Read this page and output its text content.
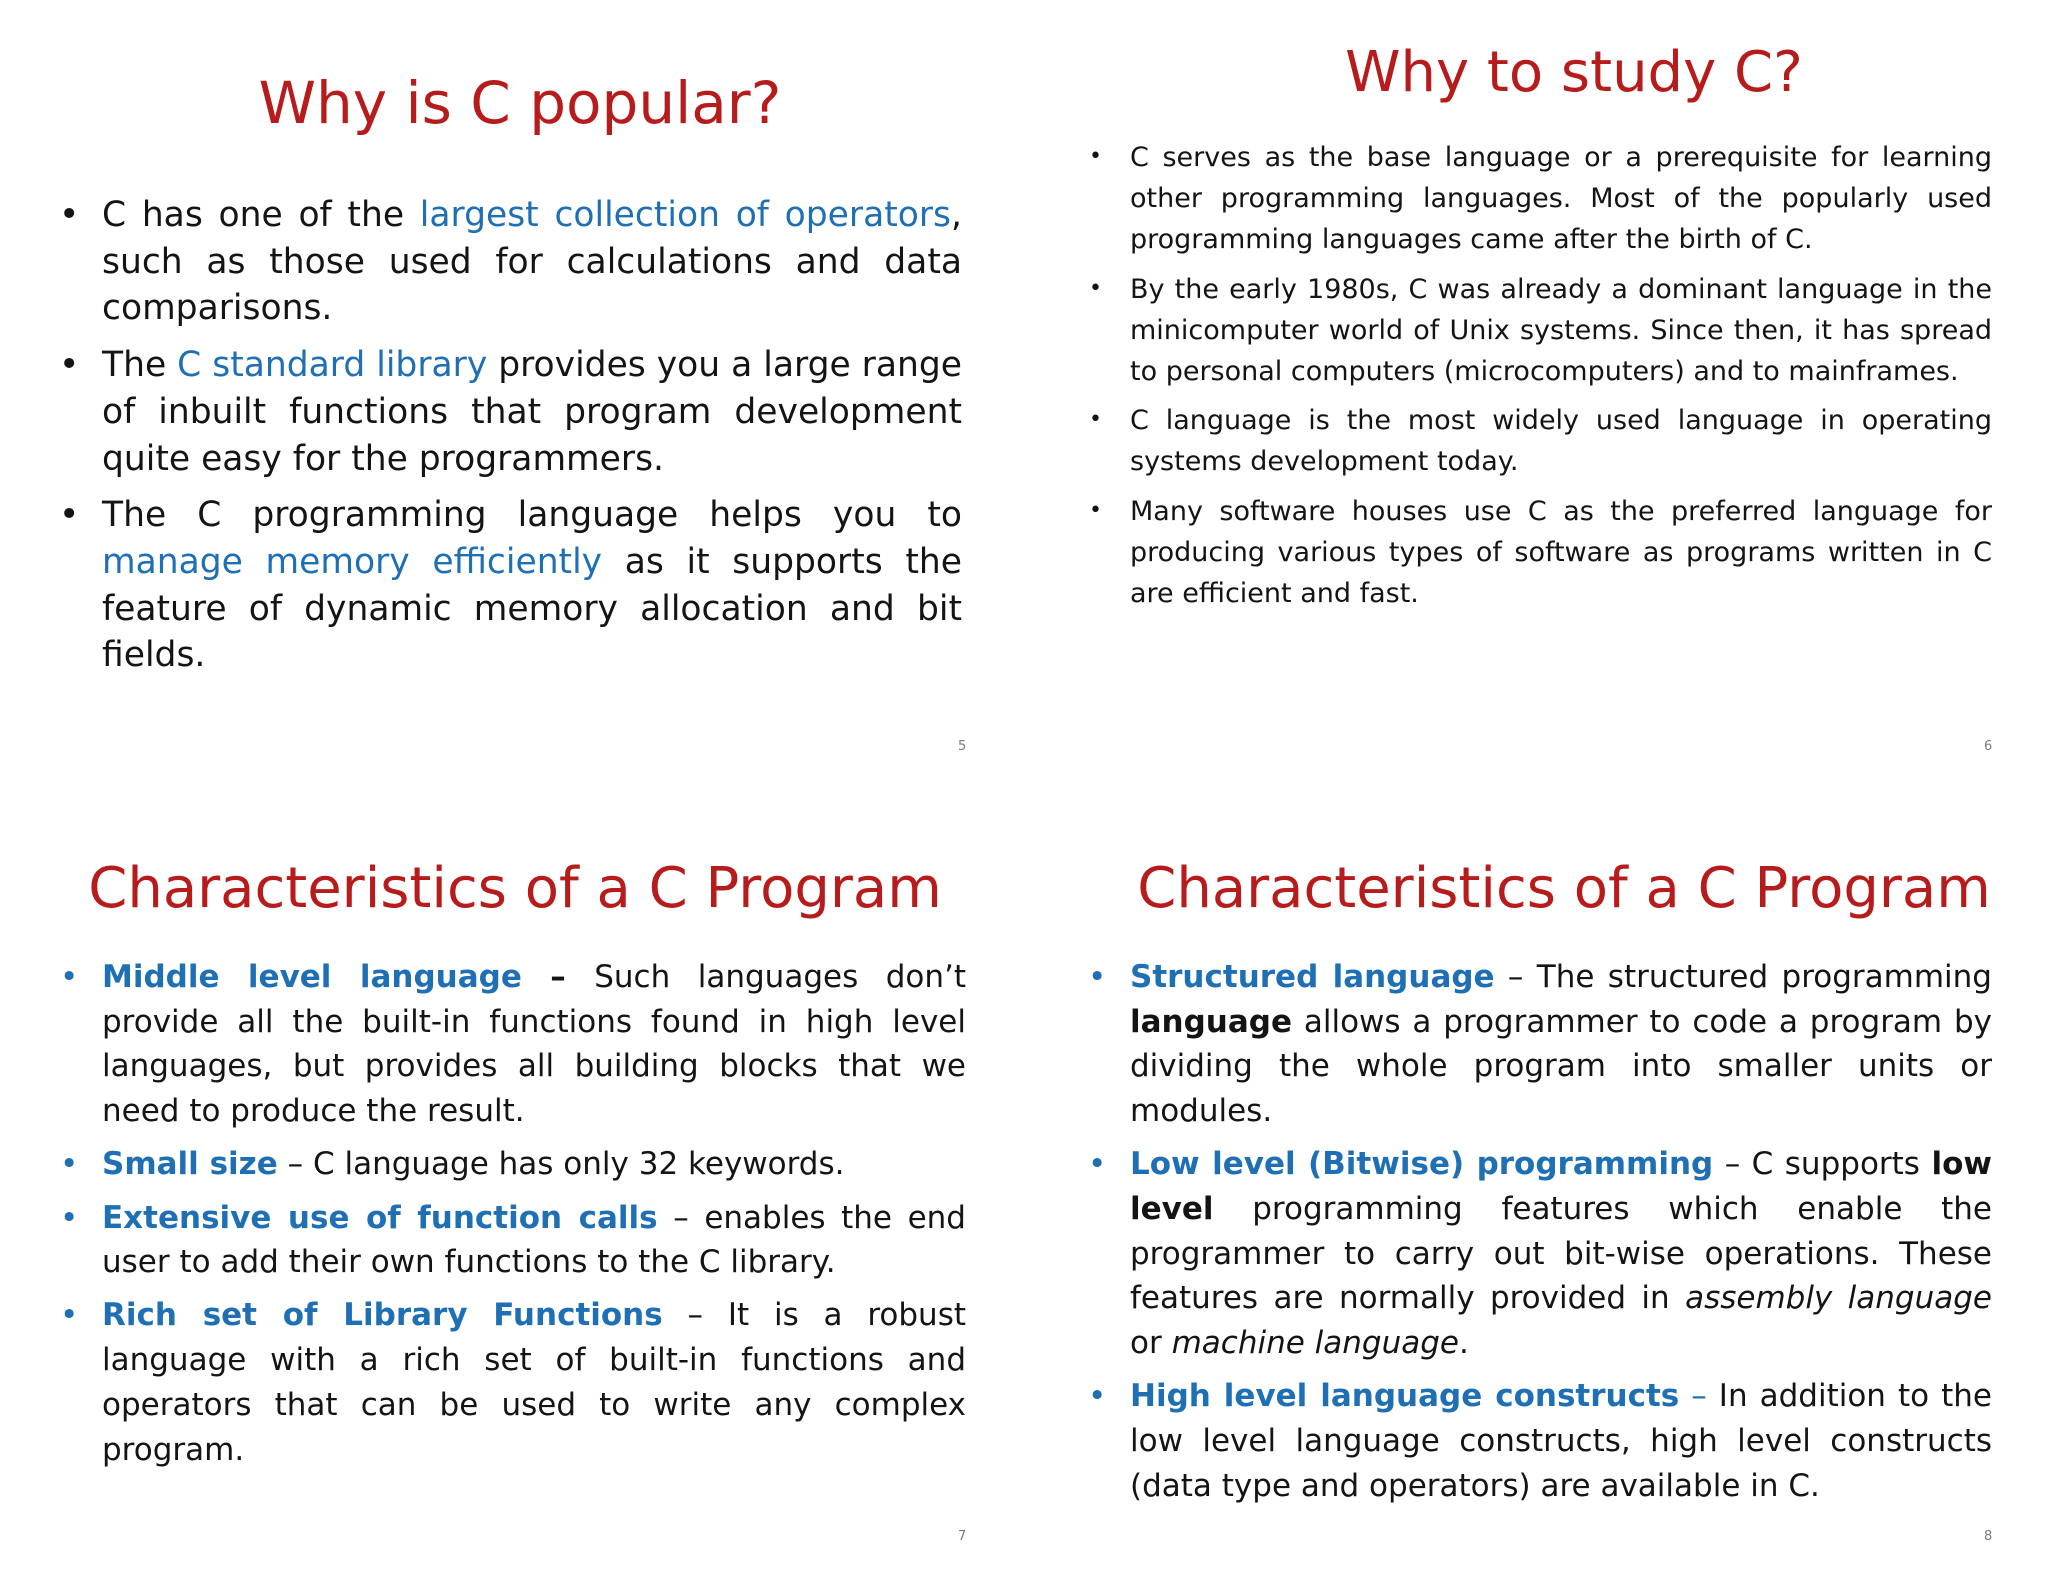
Why is C popular?
• C has one of the largest collection of operators, such as those used for calculations and data comparisons.
• The C standard library provides you a large range of inbuilt functions that program development quite easy for the programmers.
• The C programming language helps you to manage memory efficiently as it supports the feature of dynamic memory allocation and bit fields.
5
Why to study C?
• C serves as the base language or a prerequisite for learning other programming languages. Most of the popularly used programming languages came after the birth of C.
• By the early 1980s, C was already a dominant language in the minicomputer world of Unix systems. Since then, it has spread to personal computers (microcomputers) and to mainframes.
• C language is the most widely used language in operating systems development today.
• Many software houses use C as the preferred language for producing various types of software as programs written in C are efficient and fast.
6
Characteristics of a C Program
• Middle level language – Such languages don’t provide all the built-in functions found in high level languages, but provides all building blocks that we need to produce the result.
• Small size – C language has only 32 keywords.
• Extensive use of function calls – enables the end user to add their own functions to the C library.
• Rich set of Library Functions – It is a robust language with a rich set of built-in functions and operators that can be used to write any complex program.
7
Characteristics of a C Program
• Structured language – The structured programming language allows a programmer to code a program by dividing the whole program into smaller units or modules.
• Low level (Bitwise) programming – C supports low level programming features which enable the programmer to carry out bit-wise operations. These features are normally provided in assembly language or machine language.
• High level language constructs – In addition to the low level language constructs, high level constructs (data type and operators) are available in C.
8
